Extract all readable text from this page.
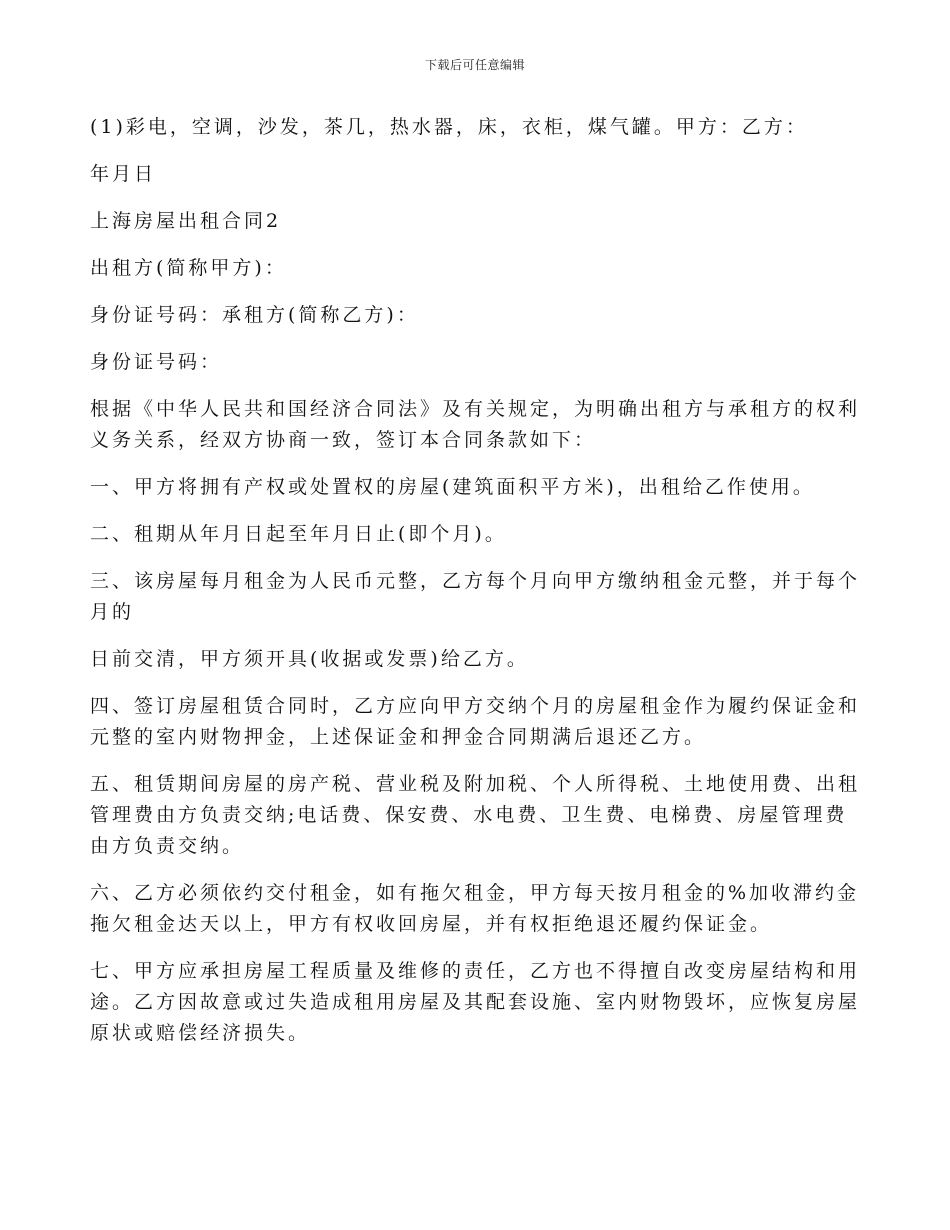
下载后可任意编辑

(1)彩电，空调，沙发，茶几，热水器，床，衣柜，煤气罐。甲方：乙方：

年月日

上海房屋出租合同2

出租方(简称甲方)：

身份证号码：承租方(简称乙方)：

身份证号码：

根据《中华人民共和国经济合同法》及有关规定，为明确出租方与承租方的权利义务关系，经双方协商一致，签订本合同条款如下：

一、甲方将拥有产权或处置权的房屋(建筑面积平方米)，出租给乙作使用。

二、租期从年月日起至年月日止(即个月)。

三、该房屋每月租金为人民币元整，乙方每个月向甲方缴纳租金元整，并于每个月的

日前交清，甲方须开具(收据或发票)给乙方。

四、签订房屋租赁合同时，乙方应向甲方交纳个月的房屋租金作为履约保证金和元整的室内财物押金，上述保证金和押金合同期满后退还乙方。

五、租赁期间房屋的房产税、营业税及附加税、个人所得税、土地使用费、出租管理费由方负责交纳;电话费、保安费、水电费、卫生费、电梯费、房屋管理费由方负责交纳。

六、乙方必须依约交付租金，如有拖欠租金，甲方每天按月租金的%加收滞约金拖欠租金达天以上，甲方有权收回房屋，并有权拒绝退还履约保证金。

七、甲方应承担房屋工程质量及维修的责任，乙方也不得擅自改变房屋结构和用途。乙方因故意或过失造成租用房屋及其配套设施、室内财物毁坏，应恢复房屋原状或赔偿经济损失。
